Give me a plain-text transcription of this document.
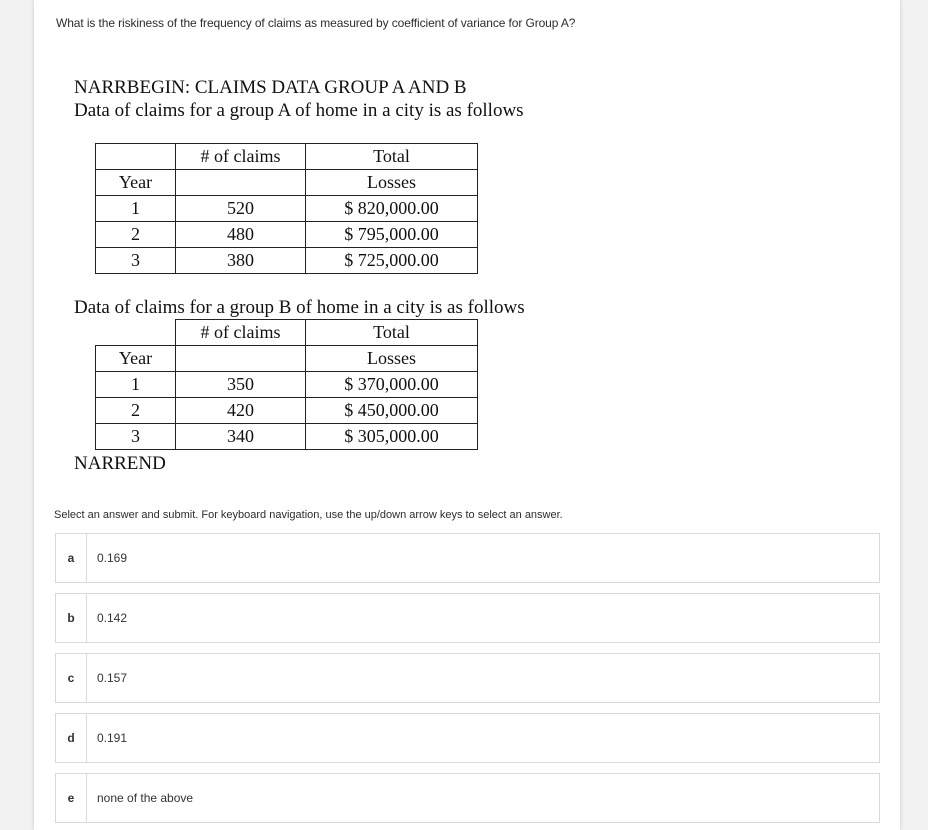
What is the riskiness of the frequency of claims as measured by coefficient of variance for Group A?
NARRBEGIN: CLAIMS DATA GROUP A AND B
Data of claims for a group A of home in a city is as follows
	# of claims	Total
Year		Losses
1	520	$ 820,000.00
2	480	$ 795,000.00
3	380	$ 725,000.00
Data of claims for a group B of home in a city is as follows
	# of claims	Total
Year		Losses
1	350	$ 370,000.00
2	420	$ 450,000.00
3	340	$ 305,000.00
NARREND
Select an answer and submit. For keyboard navigation, use the up/down arrow keys to select an answer.
a	0.169
b	0.142
c	0.157
d	0.191
e	none of the above
